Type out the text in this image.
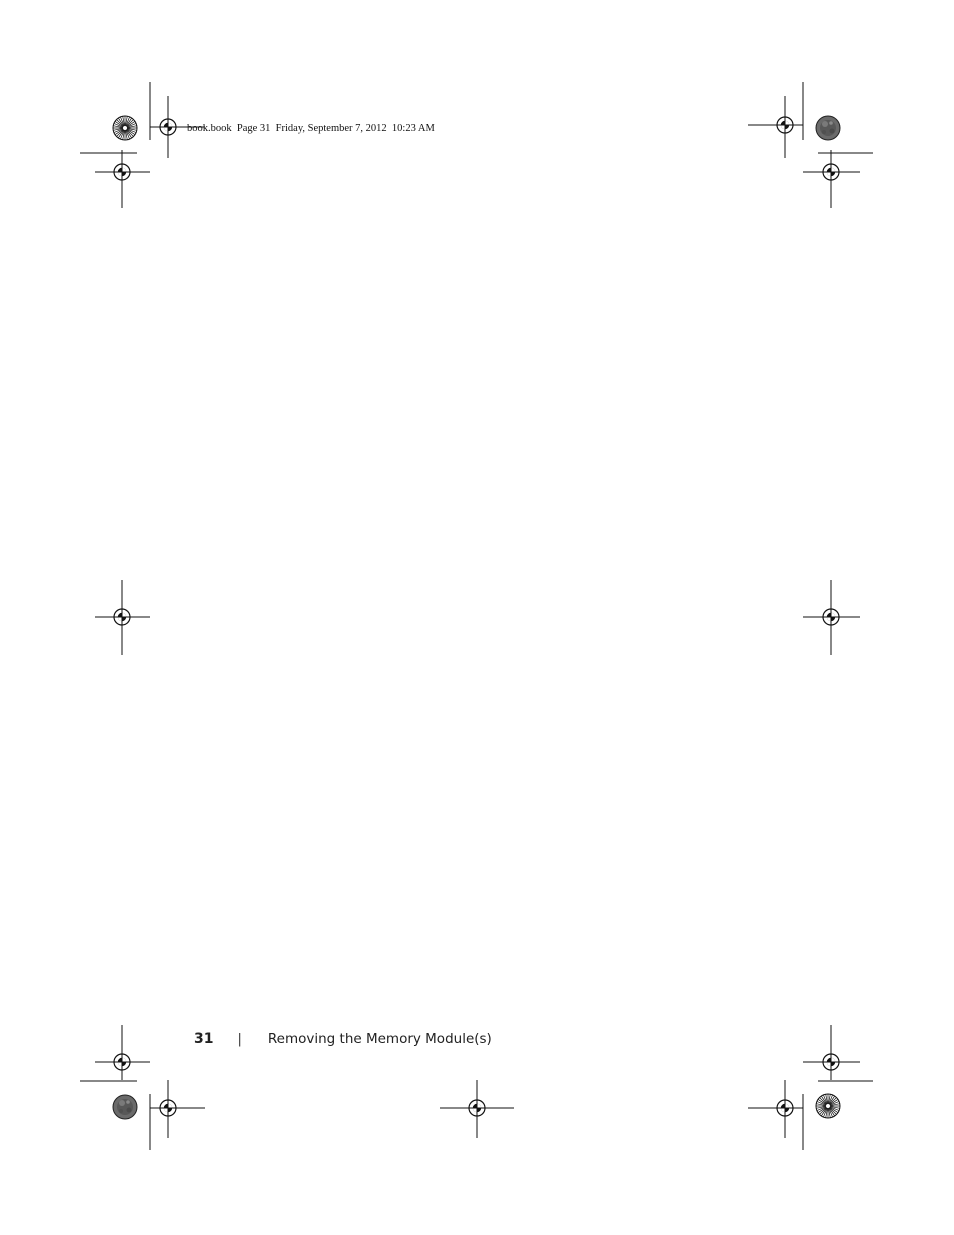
book.book  Page 31  Friday, September 7, 2012  10:23 AM
31 | Removing the Memory Module(s)
